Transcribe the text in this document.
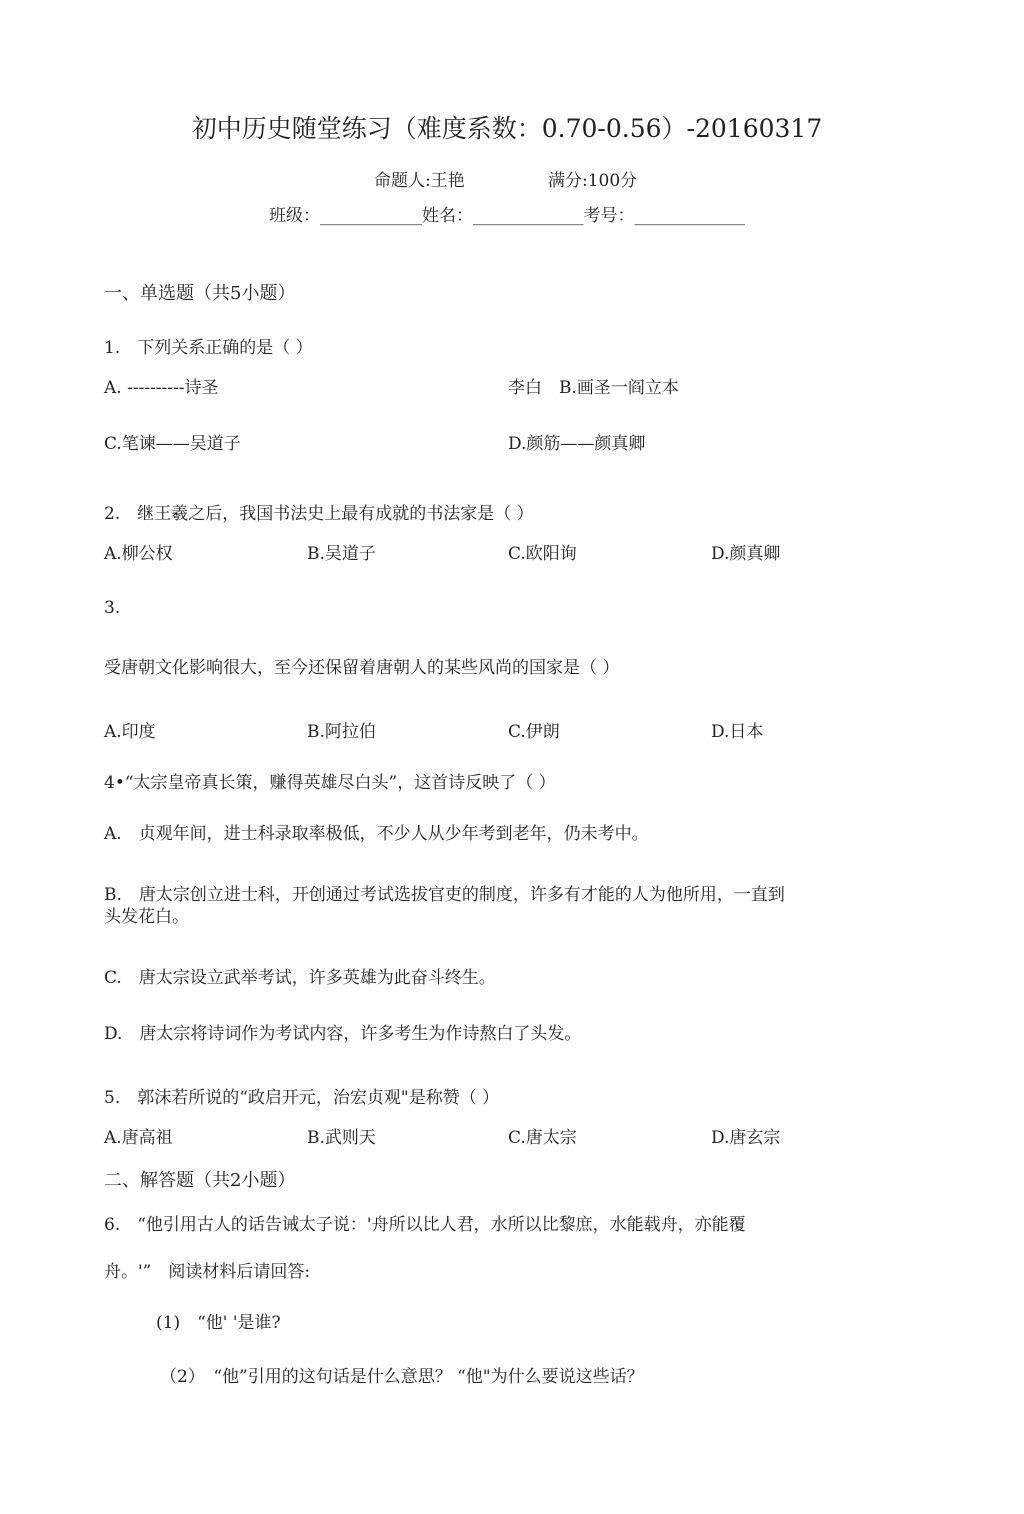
初中历史随堂练习（难度系数：0.70-0.56）-20160317
命题人:王艳	满分:100分
班级：____________姓名：_____________考号：_____________
一、单选题（共5小题）
1.　下列关系正确的是（ ）
A. ----------诗圣	李白　B.画圣一阎立本
C.笔谏——吴道子	D.颜筋——颜真卿
2.　继王羲之后，我国书法史上最有成就的书法家是（ ）
A.柳公权	B.吴道子	C.欧阳询	D.颜真卿
3.
受唐朝文化影响很大，至今还保留着唐朝人的某些风尚的国家是（ ）
A.印度	B.阿拉伯	C.伊朗	D.日本
4•“太宗皇帝真长策，赚得英雄尽白头”，这首诗反映了（ ）
A.　贞观年间，进士科录取率极低，不少人从少年考到老年，仍未考中。
B.　唐太宗创立进士科，开创通过考试选拔官吏的制度，许多有才能的人为他所用，一直到
头发花白。
C.　唐太宗设立武举考试，许多英雄为此奋斗终生。
D.　唐太宗将诗词作为考试内容，许多考生为作诗熬白了头发。
5.　郭沫若所说的“政启开元，治宏贞观"是称赞（ ）
A.唐高祖	B.武则天	C.唐太宗	D.唐玄宗
二、解答题（共2小题）
6.　“他引用古人的话告诫太子说：'舟所以比人君，水所以比黎庶，水能载舟，亦能覆
舟。'”　阅读材料后请回答:
(1)　“他' '是谁?
（2）　“他”引用的这句话是什么意思？ “他"为什么要说这些话？
